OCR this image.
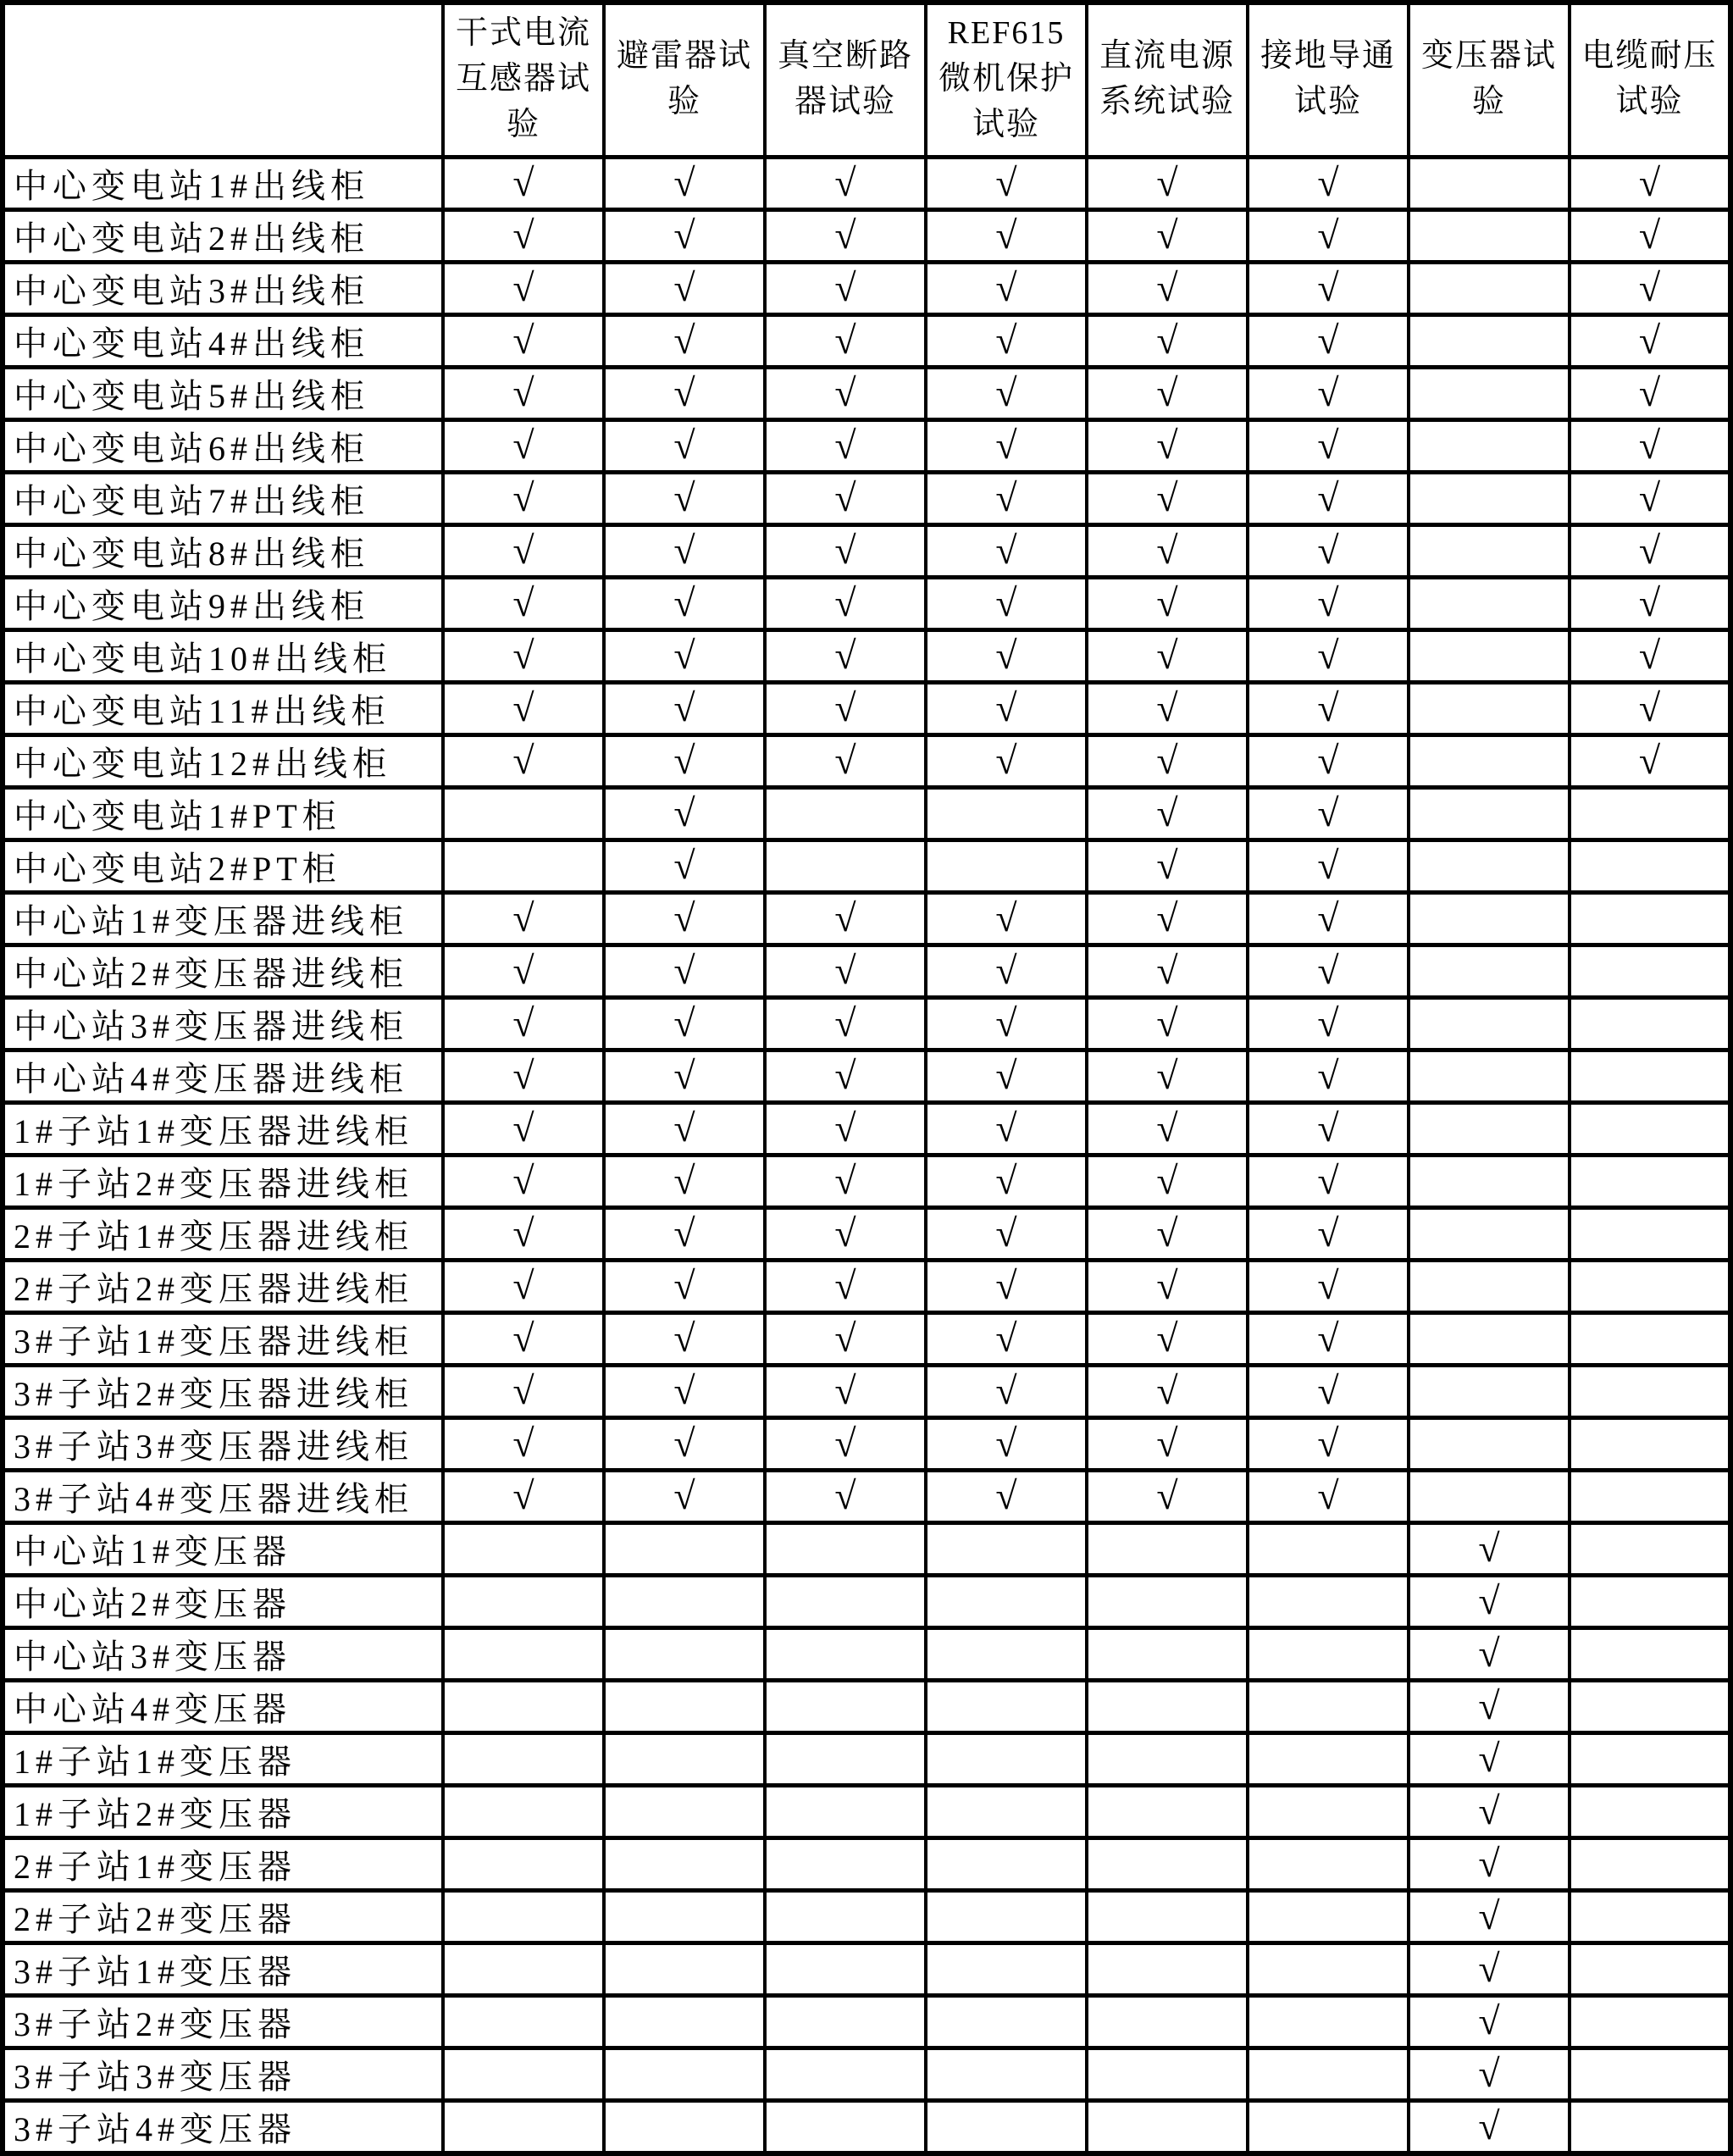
	干式电流互感器试验	避雷器试验	真空断路器试验	REF615微机保护试验	直流电源系统试验	接地导通试验	变压器试验	电缆耐压试验
中心变电站1#出线柜	√	√	√	√	√	√		√
中心变电站2#出线柜	√	√	√	√	√	√		√
中心变电站3#出线柜	√	√	√	√	√	√		√
中心变电站4#出线柜	√	√	√	√	√	√		√
中心变电站5#出线柜	√	√	√	√	√	√		√
中心变电站6#出线柜	√	√	√	√	√	√		√
中心变电站7#出线柜	√	√	√	√	√	√		√
中心变电站8#出线柜	√	√	√	√	√	√		√
中心变电站9#出线柜	√	√	√	√	√	√		√
中心变电站10#出线柜	√	√	√	√	√	√		√
中心变电站11#出线柜	√	√	√	√	√	√		√
中心变电站12#出线柜	√	√	√	√	√	√		√
中心变电站1#PT柜		√			√	√		
中心变电站2#PT柜		√			√	√		
中心站1#变压器进线柜	√	√	√	√	√	√		
中心站2#变压器进线柜	√	√	√	√	√	√		
中心站3#变压器进线柜	√	√	√	√	√	√		
中心站4#变压器进线柜	√	√	√	√	√	√		
1#子站1#变压器进线柜	√	√	√	√	√	√		
1#子站2#变压器进线柜	√	√	√	√	√	√		
2#子站1#变压器进线柜	√	√	√	√	√	√		
2#子站2#变压器进线柜	√	√	√	√	√	√		
3#子站1#变压器进线柜	√	√	√	√	√	√		
3#子站2#变压器进线柜	√	√	√	√	√	√		
3#子站3#变压器进线柜	√	√	√	√	√	√		
3#子站4#变压器进线柜	√	√	√	√	√	√		
中心站1#变压器							√	
中心站2#变压器							√	
中心站3#变压器							√	
中心站4#变压器							√	
1#子站1#变压器							√	
1#子站2#变压器							√	
2#子站1#变压器							√	
2#子站2#变压器							√	
3#子站1#变压器							√	
3#子站2#变压器							√	
3#子站3#变压器							√	
3#子站4#变压器							√	
